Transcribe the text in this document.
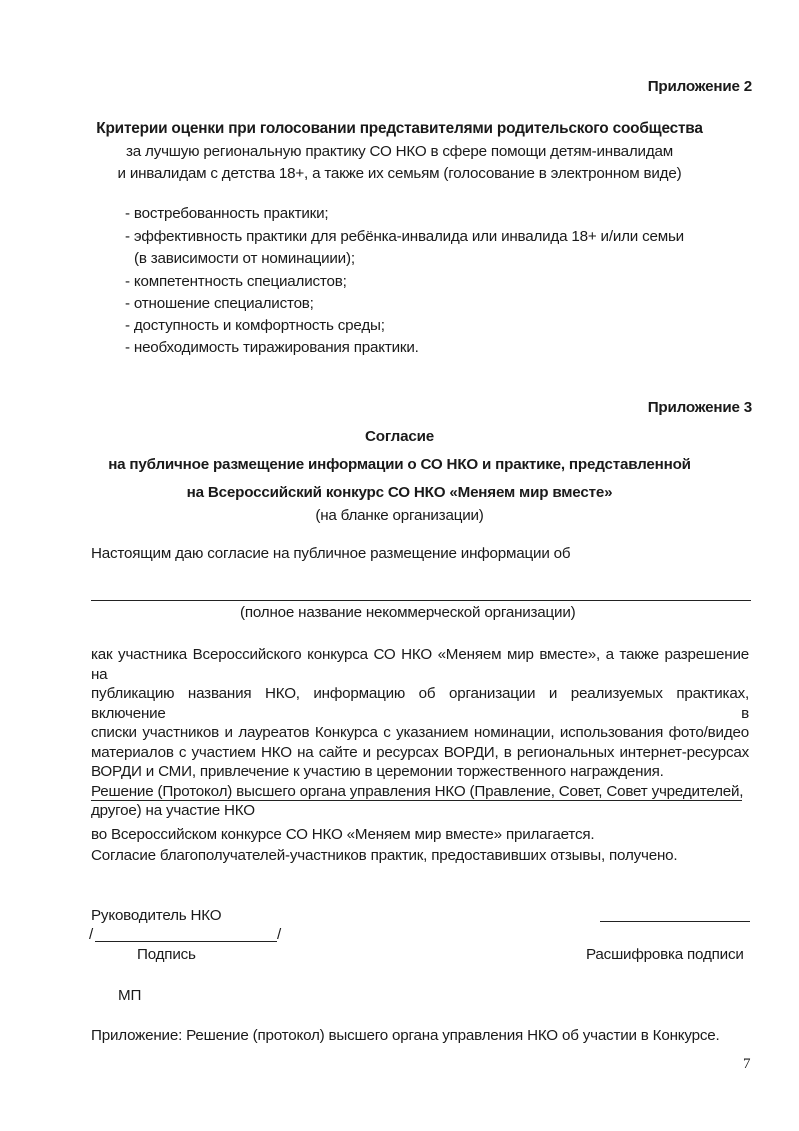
Приложение 2
Критерии оценки при голосовании представителями родительского сообщества
за лучшую региональную практику СО НКО в сфере помощи детям-инвалидам
и инвалидам с детства 18+, а также их семьям (голосование в электронном виде)
- востребованность практики;
- эффективность практики для ребёнка-инвалида или инвалида 18+ и/или семьи
(в зависимости от номинациии);
- компетентность специалистов;
- отношение специалистов;
- доступность и комфортность среды;
- необходимость тиражирования практики.
Приложение 3
Согласие
на публичное размещение информации о СО НКО и практике, представленной
на Всероссийский конкурс СО НКО «Меняем мир вместе»
(на бланке организации)
Настоящим даю согласие на публичное размещение информации об
(полное название некоммерческой организации)
как участника Всероссийского конкурса СО НКО «Меняем мир вместе», а также разрешение на
публикацию названия НКО, информацию об организации и реализуемых практиках, включение в
списки участников и лауреатов Конкурса с указанием номинации, использования фото/видео
материалов с участием НКО на сайте и ресурсах ВОРДИ, в региональных интернет-ресурсах
ВОРДИ и СМИ, привлечение к участию в церемонии торжественного награждения.
Решение (Протокол) высшего органа управления НКО (Правление, Совет, Совет учредителей,
другое) на участие НКО
во Всероссийском конкурсе СО НКО «Меняем мир вместе» прилагается.
Согласие благополучателей-участников практик, предоставивших отзывы, получено.
Руководитель НКО
/	/
Подпись	Расшифровка подписи
МП
Приложение: Решение (протокол) высшего органа управления НКО об участии в Конкурсе.
7
